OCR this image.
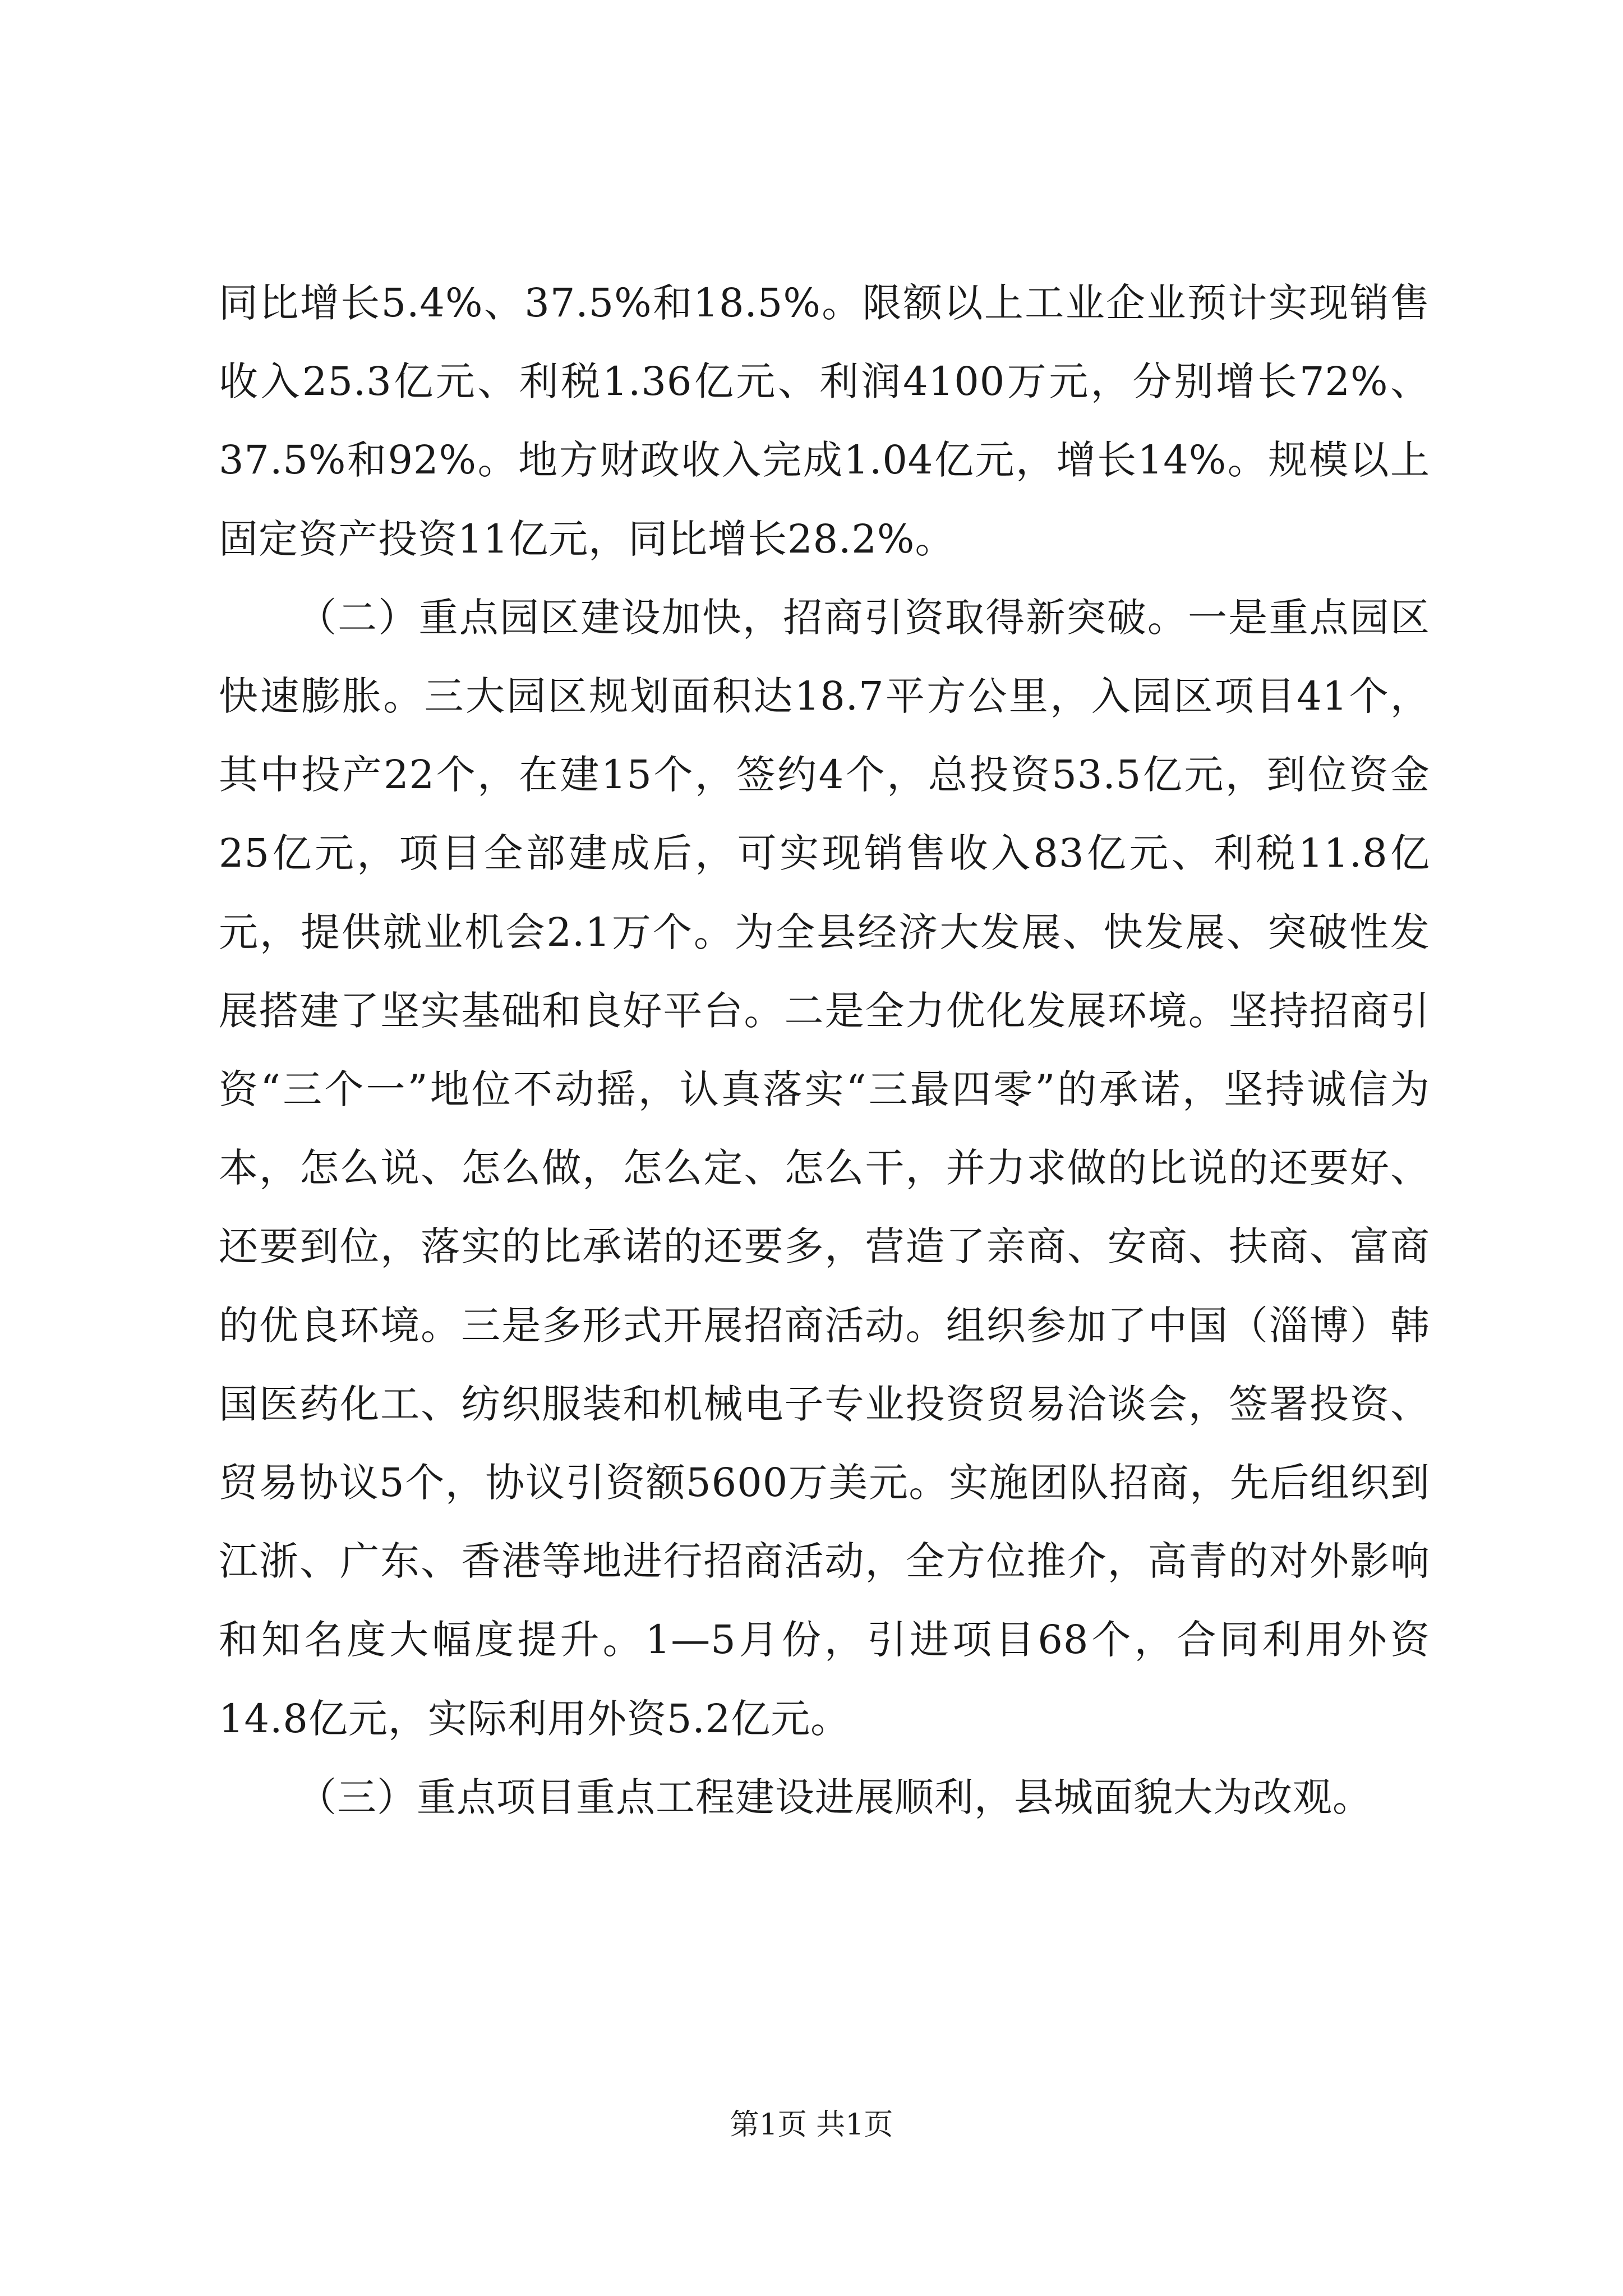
同比增长5.4%、37.5%和18.5%。限额以上工业企业预计实现销售收入25.3亿元、利税1.36亿元、利润4100万元，分别增长72%、37.5%和92%。地方财政收入完成1.04亿元，增长14%。规模以上固定资产投资11亿元，同比增长28.2%。

（二）重点园区建设加快，招商引资取得新突破。一是重点园区快速膨胀。三大园区规划面积达18.7平方公里，入园区项目41个，其中投产22个，在建15个，签约4个，总投资53.5亿元，到位资金25亿元，项目全部建成后，可实现销售收入83亿元、利税11.8亿元，提供就业机会2.1万个。为全县经济大发展、快发展、突破性发展搭建了坚实基础和良好平台。二是全力优化发展环境。坚持招商引资“三个一”地位不动摇，认真落实“三最四零”的承诺，坚持诚信为本，怎么说、怎么做，怎么定、怎么干，并力求做的比说的还要好、还要到位，落实的比承诺的还要多，营造了亲商、安商、扶商、富商的优良环境。三是多形式开展招商活动。组织参加了中国（淄博）韩国医药化工、纺织服装和机械电子专业投资贸易洽谈会，签署投资、贸易协议5个，协议引资额5600万美元。实施团队招商，先后组织到江浙、广东、香港等地进行招商活动，全方位推介，高青的对外影响和知名度大幅度提升。1—5月份，引进项目68个，合同利用外资14.8亿元，实际利用外资5.2亿元。

（三）重点项目重点工程建设进展顺利，县城面貌大为改观。

第1页 共1页
